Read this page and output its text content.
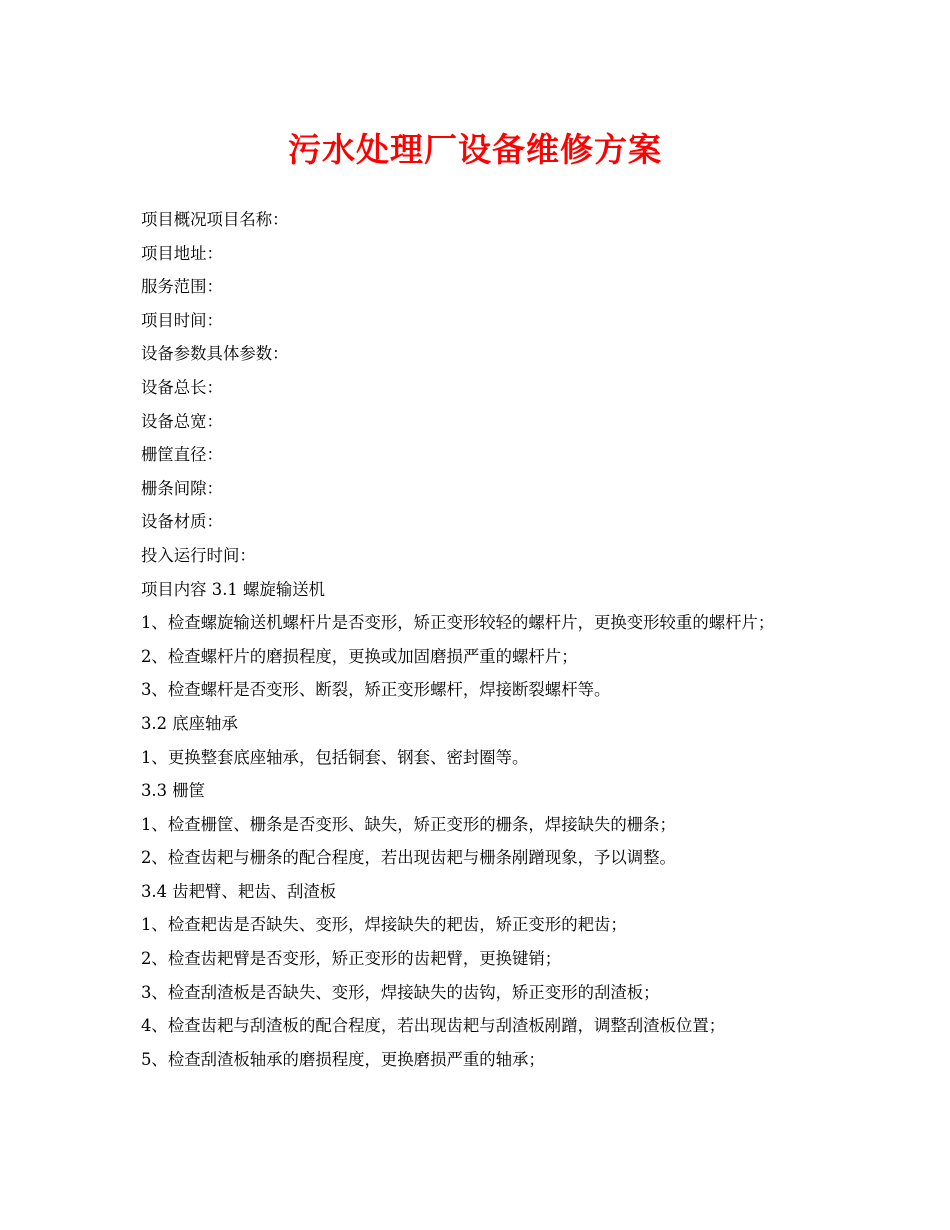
污水处理厂设备维修方案

项目概况项目名称：

项目地址：

服务范围：

项目时间：

设备参数具体参数：

设备总长：

设备总宽：

栅筐直径：

栅条间隙：

设备材质：

投入运行时间：

项目内容 3.1 螺旋输送机

1、检查螺旋输送机螺杆片是否变形，矫正变形较轻的螺杆片，更换变形较重的螺杆片；

2、检查螺杆片的磨损程度，更换或加固磨损严重的螺杆片；

3、检查螺杆是否变形、断裂，矫正变形螺杆，焊接断裂螺杆等。

3.2 底座轴承

1、更换整套底座轴承，包括铜套、钢套、密封圈等。

3.3 栅筐

1、检查栅筐、栅条是否变形、缺失，矫正变形的栅条，焊接缺失的栅条；

2、检查齿耙与栅条的配合程度，若出现齿耙与栅条剐蹭现象，予以调整。

3.4 齿耙臂、耙齿、刮渣板

1、检查耙齿是否缺失、变形，焊接缺失的耙齿，矫正变形的耙齿；

2、检查齿耙臂是否变形，矫正变形的齿耙臂，更换键销；

3、检查刮渣板是否缺失、变形，焊接缺失的齿钩，矫正变形的刮渣板；

4、检查齿耙与刮渣板的配合程度，若出现齿耙与刮渣板剐蹭，调整刮渣板位置；

5、检查刮渣板轴承的磨损程度，更换磨损严重的轴承；
